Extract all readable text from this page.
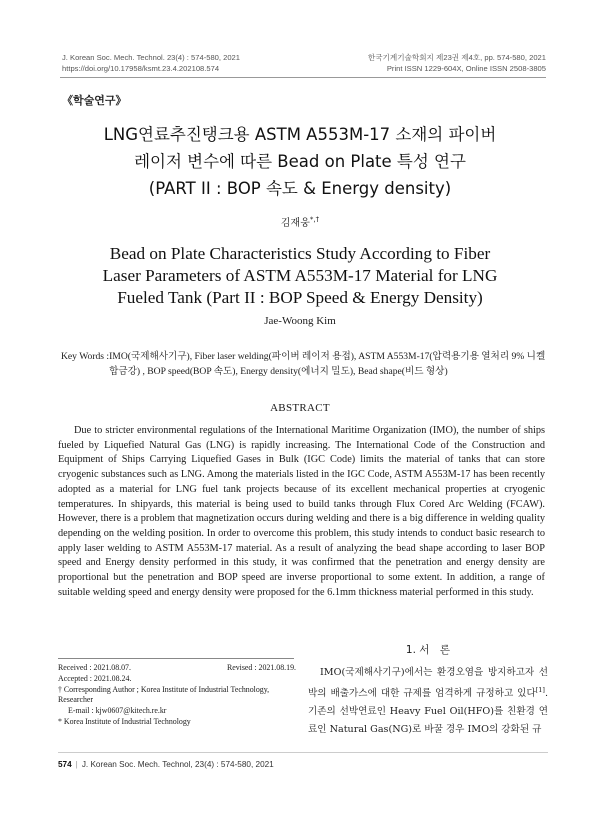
J. Korean Soc. Mech. Technol. 23(4) : 574-580, 2021
https://doi.org/10.17958/ksmt.23.4.202108.574
한국기계기술학회지 제23권 제4호, pp. 574-580, 2021
Print ISSN 1229-604X, Online ISSN 2508-3805
《학술연구》
LNG연료추진탱크용 ASTM A553M-17 소재의 파이버
레이저 변수에 따른 Bead on Plate 특성 연구
(PART II : BOP 속도 & Energy density)
김재웅*,†
Bead on Plate Characteristics Study According to Fiber
Laser Parameters of ASTM A553M-17 Material for LNG
Fueled Tank (Part II : BOP Speed & Energy Density)
Jae-Woong Kim
Key Words : IMO(국제해사기구), Fiber laser welding(파이버 레이저 용접), ASTM A553M-17(압력용기용 열처리 9% 니켈합금강) , BOP speed(BOP 속도), Energy density(에너지 밀도), Bead shape(비드 형상)
ABSTRACT

Due to stricter environmental regulations of the International Maritime Organization (IMO), the number of ships fueled by Liquefied Natural Gas (LNG) is rapidly increasing. The International Code of the Construction and Equipment of Ships Carrying Liquefied Gases in Bulk (IGC Code) limits the material of tanks that can store cryogenic substances such as LNG. Among the materials listed in the IGC Code, ASTM A553M-17 has been recently adopted as a material for LNG fuel tank projects because of its excellent mechanical properties at cryogenic temperatures. In shipyards, this material is being used to build tanks through Flux Cored Arc Welding (FCAW). However, there is a problem that magnetization occurs during welding and there is a big difference in welding quality depending on the welding position. In order to overcome this problem, this study intends to conduct basic research to apply laser welding to ASTM A553M-17 material. As a result of analyzing the bead shape according to laser BOP speed and Energy density performed in this study, it was confirmed that the penetration and energy density are proportional but the penetration and BOP speed are inverse proportional to some extent. In addition, a range of suitable welding speed and energy density were proposed for the 6.1mm thickness material performed in this study.

1. 서　론

IMO(국제해사기구)에서는 환경오염을 방지하고자 선박의 배출가스에 대한 규제를 엄격하게 규정하고 있다[1]. 기존의 선박연료인 Heavy Fuel Oil(HFO)를 친환경 연료인 Natural Gas(NG)로 바꿀 경우 IMO의 강화된 규

Received : 2021.08.07.	Revised : 2021.08.19.
Accepted : 2021.08.24.
† Corresponding Author ; Korea Institute of Industrial Technology, Researcher
E-mail : kjw0607@kitech.re.kr
* Korea Institute of Industrial Technology
574 | J. Korean Soc. Mech. Technol, 23(4) : 574-580, 2021
